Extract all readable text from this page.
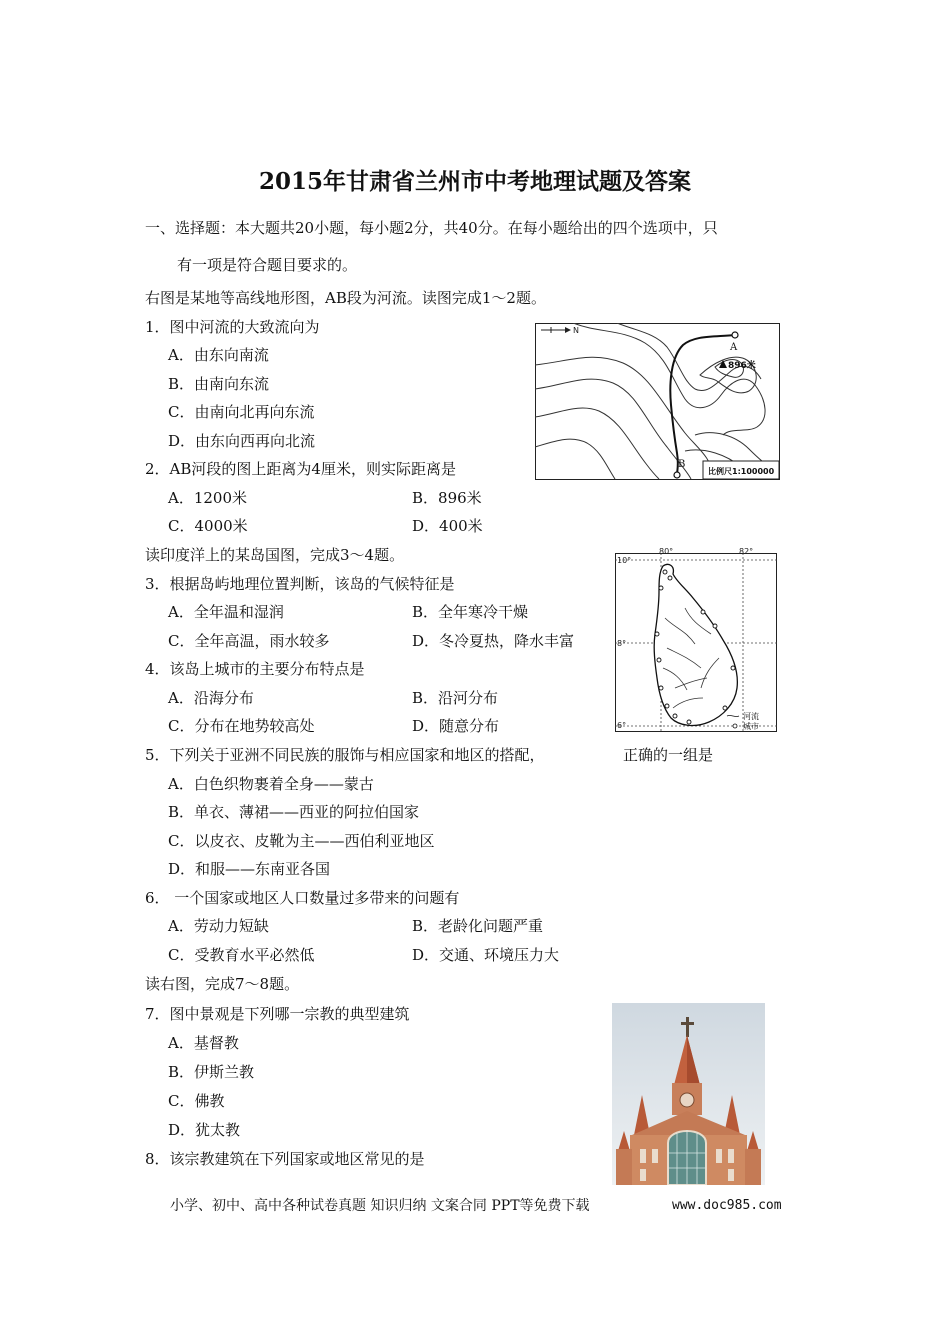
2015年甘肃省兰州市中考地理试题及答案
一、选择题：本大题共20小题，每小题2分，共40分。在每小题给出的四个选项中，只
有一项是符合题目要求的。
右图是某地等高线地形图，AB段为河流。读图完成1～2题。
1．图中河流的大致流向为
A．由东向南流
B．由南向东流
C．由南向北再向东流
D．由东向西再向北流
2．AB河段的图上距离为4厘米，则实际距离是
A．1200米	B．896米
C．4000米	D．400米
读印度洋上的某岛国图，完成3～4题。
3．根据岛屿地理位置判断，该岛的气候特征是
A．全年温和湿润	B．全年寒冷干燥
C．全年高温，雨水较多	D．冬冷夏热，降水丰富
4．该岛上城市的主要分布特点是
A．沿海分布	B．沿河分布
C．分布在地势较高处	D．随意分布
5．下列关于亚洲不同民族的服饰与相应国家和地区的搭配，	正确的一组是
A．白色织物裹着全身——蒙古
B．单衣、薄裙——西亚的阿拉伯国家
C．以皮衣、皮靴为主——西伯利亚地区
D．和服——东南亚各国
6． 一个国家或地区人口数量过多带来的问题有
A．劳动力短缺	B．老龄化问题严重
C．受教育水平必然低	D．交通、环境压力大
读右图，完成7～8题。
7．图中景观是下列哪一宗教的典型建筑
A．基督教
B．伊斯兰教
C．佛教
D．犹太教
8．该宗教建筑在下列国家或地区常见的是
N
A
B
896米
比例尺1:100000
80°	82°
10°
8°
6°
河流
城市
小学、初中、高中各种试卷真题 知识归纳 文案合同 PPT等免费下载	www.doc985.com
